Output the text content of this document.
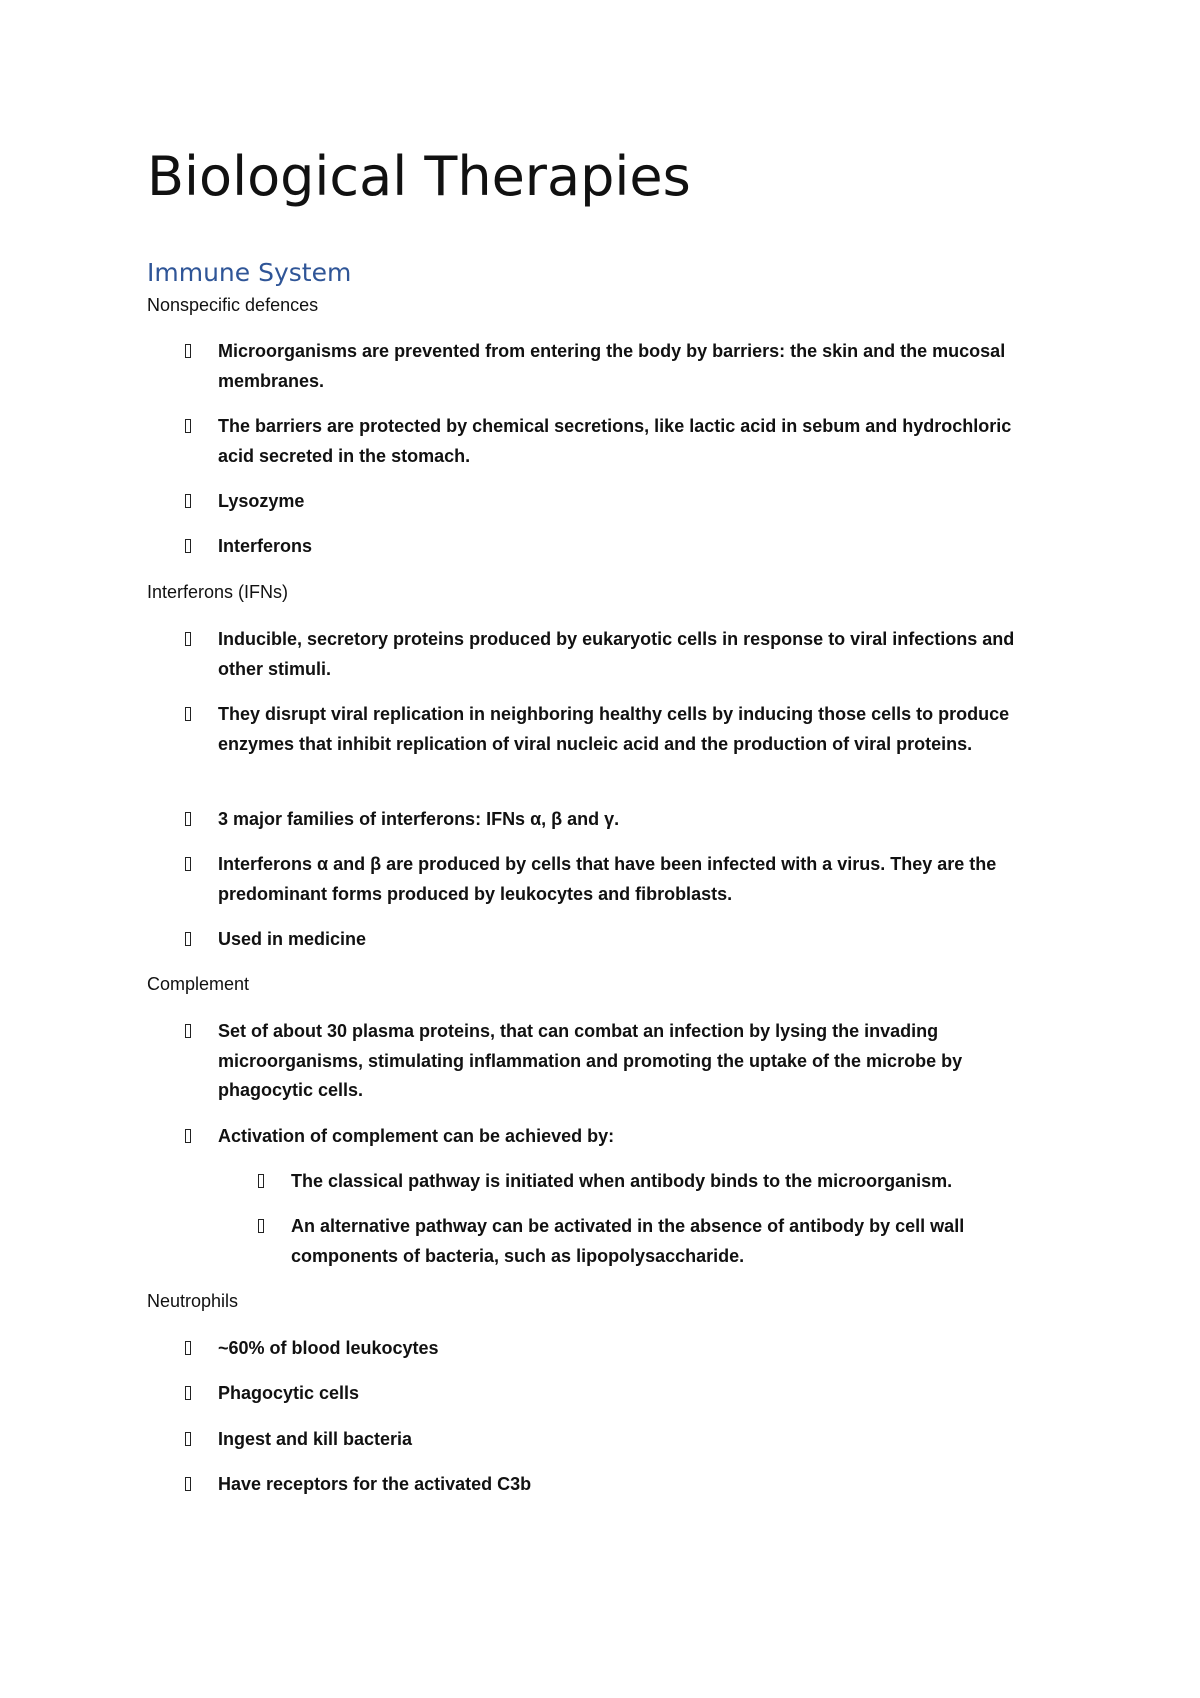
Biological Therapies
Immune System

Nonspecific defences

Microorganisms are prevented from entering the body by barriers: the skin and the mucosal membranes.
The barriers are protected by chemical secretions, like lactic acid in sebum and hydrochloric acid secreted in the stomach.
Lysozyme
Interferons

Interferons (IFNs)

Inducible, secretory proteins produced by eukaryotic cells in response to viral infections and other stimuli.
They disrupt viral replication in neighboring healthy cells by inducing those cells to produce enzymes that inhibit replication of viral nucleic acid and the production of viral proteins.
3 major families of interferons: IFNs α, β and γ.
Interferons α and β are produced by cells that have been infected with a virus. They are the predominant forms produced by leukocytes and fibroblasts.
Used in medicine

Complement

Set of about 30 plasma proteins, that can combat an infection by lysing the invading microorganisms, stimulating inflammation and promoting the uptake of the microbe by phagocytic cells.
Activation of complement can be achieved by:
The classical pathway is initiated when antibody binds to the microorganism.
An alternative pathway can be activated in the absence of antibody by cell wall components of bacteria, such as lipopolysaccharide.

Neutrophils

~60% of blood leukocytes
Phagocytic cells
Ingest and kill bacteria
Have receptors for the activated C3b
